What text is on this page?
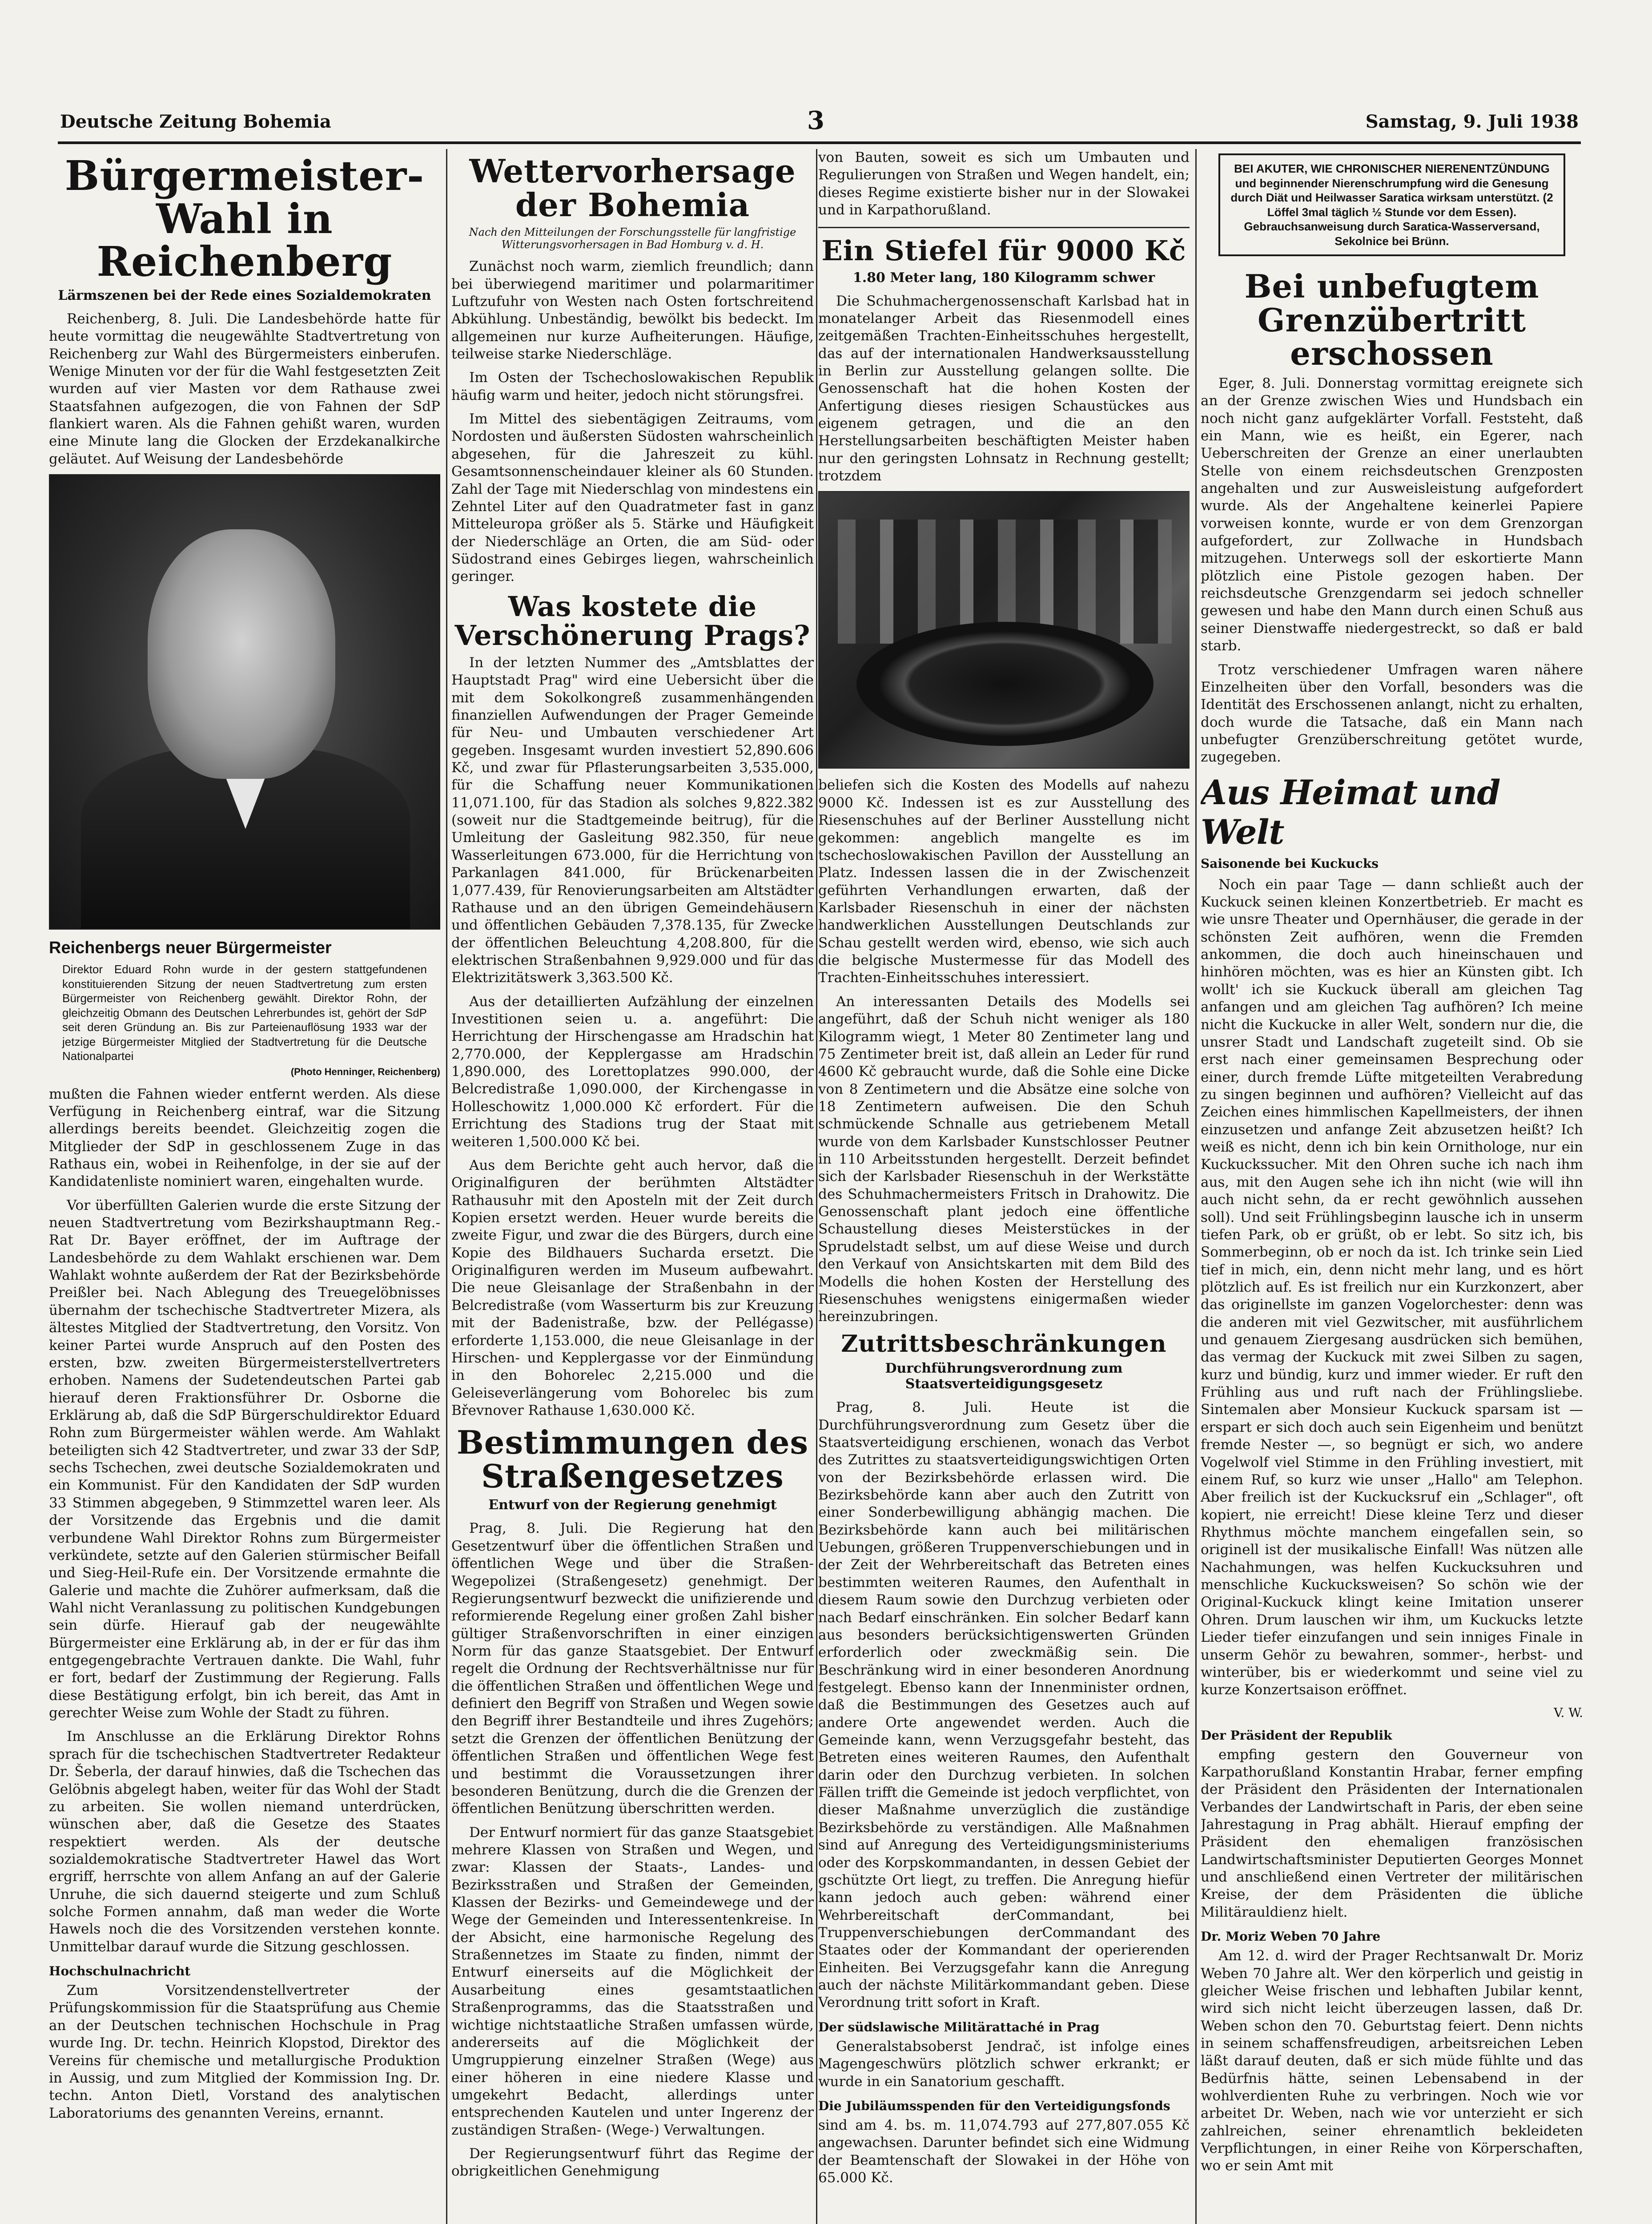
Deutsche Zeitung Bohemia	3	Samstag, 9. Juli 1938
Bürgermeister-Wahl in Reichenberg
Lärmszenen bei der Rede eines Sozialdemokraten

Reichenberg, 8. Juli. Die Landesbehörde hatte für heute vormittag die neugewählte Stadtvertretung von Reichenberg zur Wahl des Bürgermeisters einberufen. Wenige Minuten vor der für die Wahl festgesetzten Zeit wurden auf vier Masten vor dem Rathause zwei Staatsfahnen aufgezogen, die von Fahnen der SdP flankiert waren. Als die Fahnen gehißt waren, wurden eine Minute lang die Glocken der Erzdekanalkirche geläutet. Auf Weisung der Landesbehörde

Reichenbergs neuer Bürgermeister

Direktor Eduard Rohn wurde in der gestern stattgefundenen konstituierenden Sitzung der neuen Stadtvertretung zum ersten Bürgermeister von Reichenberg gewählt. Direktor Rohn, der gleichzeitig Obmann des Deutschen Lehrerbundes ist, gehört der SdP seit deren Gründung an. Bis zur Parteienauflösung 1933 war der jetzige Bürgermeister Mitglied der Stadtvertretung für die Deutsche Nationalpartei

(Photo Henninger, Reichenberg)

mußten die Fahnen wieder entfernt werden. Als diese Verfügung in Reichenberg eintraf, war die Sitzung allerdings bereits beendet. Gleichzeitig zogen die Mitglieder der SdP in geschlossenem Zuge in das Rathaus ein, wobei in Reihenfolge, in der sie auf der Kandidatenliste nominiert waren, eingehalten wurde.

Vor überfüllten Galerien wurde die erste Sitzung der neuen Stadtvertretung vom Bezirkshauptmann Reg.-Rat Dr. Bayer eröffnet, der im Auftrage der Landesbehörde zu dem Wahlakt erschienen war. Dem Wahlakt wohnte außerdem der Rat der Bezirksbehörde Preißler bei. Nach Ablegung des Treuegelöbnisses übernahm der tschechische Stadtvertreter Mizera, als ältestes Mitglied der Stadtvertretung, den Vorsitz. Von keiner Partei wurde Anspruch auf den Posten des ersten, bzw. zweiten Bürgermeisterstellvertreters erhoben. Namens der Sudetendeutschen Partei gab hierauf deren Fraktionsführer Dr. Osborne die Erklärung ab, daß die SdP Bürgerschuldirektor Eduard Rohn zum Bürgermeister wählen werde. Am Wahlakt beteiligten sich 42 Stadtvertreter, und zwar 33 der SdP, sechs Tschechen, zwei deutsche Sozialdemokraten und ein Kommunist. Für den Kandidaten der SdP wurden 33 Stimmen abgegeben, 9 Stimmzettel waren leer. Als der Vorsitzende das Ergebnis und die damit verbundene Wahl Direktor Rohns zum Bürgermeister verkündete, setzte auf den Galerien stürmischer Beifall und Sieg-Heil-Rufe ein. Der Vorsitzende ermahnte die Galerie und machte die Zuhörer aufmerksam, daß die Wahl nicht Veranlassung zu politischen Kundgebungen sein dürfe. Hierauf gab der neugewählte Bürgermeister eine Erklärung ab, in der er für das ihm entgegengebrachte Vertrauen dankte. Die Wahl, fuhr er fort, bedarf der Zustimmung der Regierung. Falls diese Bestätigung erfolgt, bin ich bereit, das Amt in gerechter Weise zum Wohle der Stadt zu führen.

Im Anschlusse an die Erklärung Direktor Rohns sprach für die tschechischen Stadtvertreter Redakteur Dr. Šeberla, der darauf hinwies, daß die Tschechen das Gelöbnis abgelegt haben, weiter für das Wohl der Stadt zu arbeiten. Sie wollen niemand unterdrücken, wünschen aber, daß die Gesetze des Staates respektiert werden. Als der deutsche sozialdemokratische Stadtvertreter Hawel das Wort ergriff, herrschte von allem Anfang an auf der Galerie Unruhe, die sich dauernd steigerte und zum Schluß solche Formen annahm, daß man weder die Worte Hawels noch die des Vorsitzenden verstehen konnte. Unmittelbar darauf wurde die Sitzung geschlossen.

Hochschulnachricht

Zum Vorsitzendenstellvertreter der Prüfungskommission für die Staatsprüfung aus Chemie an der Deutschen technischen Hochschule in Prag wurde Ing. Dr. techn. Heinrich Klopstod, Direktor des Vereins für chemische und metallurgische Produktion in Aussig, und zum Mitglied der Kommission Ing. Dr. techn. Anton Dietl, Vorstand des analytischen Laboratoriums des genannten Vereins, ernannt.

Wettervorhersage der Bohemia
Nach den Mitteilungen der Forschungsstelle für langfristige Witterungsvorhersagen in Bad Homburg v. d. H.

Zunächst noch warm, ziemlich freundlich; dann bei überwiegend maritimer und polarmaritimer Luftzufuhr von Westen nach Osten fortschreitend Abkühlung. Unbeständig, bewölkt bis bedeckt. Im allgemeinen nur kurze Aufheiterungen. Häufige, teilweise starke Niederschläge.

Im Osten der Tschechoslowakischen Republik häufig warm und heiter, jedoch nicht störungsfrei.

Im Mittel des siebentägigen Zeitraums, vom Nordosten und äußersten Südosten wahrscheinlich abgesehen, für die Jahreszeit zu kühl. Gesamtsonnenscheindauer kleiner als 60 Stunden. Zahl der Tage mit Niederschlag von mindestens ein Zehntel Liter auf den Quadratmeter fast in ganz Mitteleuropa größer als 5. Stärke und Häufigkeit der Niederschläge an Orten, die am Süd- oder Südostrand eines Gebirges liegen, wahrscheinlich geringer.

Was kostete die Verschönerung Prags?

In der letzten Nummer des „Amtsblattes der Hauptstadt Prag" wird eine Uebersicht über die mit dem Sokolkongreß zusammenhängenden finanziellen Aufwendungen der Prager Gemeinde für Neu- und Umbauten verschiedener Art gegeben. Insgesamt wurden investiert 52,890.606 Kč, und zwar für Pflasterungsarbeiten 3,535.000, für die Schaffung neuer Kommunikationen 11,071.100, für das Stadion als solches 9,822.382 (soweit nur die Stadtgemeinde beitrug), für die Umleitung der Gasleitung 982.350, für neue Wasserleitungen 673.000, für die Herrichtung von Parkanlagen 841.000, für Brückenarbeiten 1,077.439, für Renovierungsarbeiten am Altstädter Rathause und an den übrigen Gemeindehäusern und öffentlichen Gebäuden 7,378.135, für Zwecke der öffentlichen Beleuchtung 4,208.800, für die elektrischen Straßenbahnen 9,929.000 und für das Elektrizitätswerk 3,363.500 Kč.

Aus der detaillierten Aufzählung der einzelnen Investitionen seien u. a. angeführt: Die Herrichtung der Hirschengasse am Hradschin hat 2,770.000, der Kepplergasse am Hradschin 1,890.000, des Lorettoplatzes 990.000, der Belcredistraße 1,090.000, der Kirchengasse in Holleschowitz 1,000.000 Kč erfordert. Für die Errichtung des Stadions trug der Staat mit weiteren 1,500.000 Kč bei.

Aus dem Berichte geht auch hervor, daß die Originalfiguren der berühmten Altstädter Rathausuhr mit den Aposteln mit der Zeit durch Kopien ersetzt werden. Heuer wurde bereits die zweite Figur, und zwar die des Bürgers, durch eine Kopie des Bildhauers Suchardа ersetzt. Die Originalfiguren werden im Museum aufbewahrt. Die neue Gleisanlage der Straßenbahn in der Belcredistraße (vom Wasserturm bis zur Kreuzung mit der Badenistraße, bzw. der Pellégasse) erforderte 1,153.000, die neue Gleisanlage in der Hirschen- und Kepplergasse vor der Einmündung in den Bohorelec 2,215.000 und die Geleiseverlängerung vom Bohorelec bis zum Břevnover Rathause 1,630.000 Kč.

Bestimmungen des Straßengesetzes
Entwurf von der Regierung genehmigt

Prag, 8. Juli. Die Regierung hat den Gesetzentwurf über die öffentlichen Straßen und öffentlichen Wege und über die Straßen-Wegepolizei (Straßengesetz) genehmigt. Der Regierungsentwurf bezweckt die unifizierende und reformierende Regelung einer großen Zahl bisher gültiger Straßenvorschriften in einer einzigen Norm für das ganze Staatsgebiet. Der Entwurf regelt die Ordnung der Rechtsverhältnisse nur für die öffentlichen Straßen und öffentlichen Wege und definiert den Begriff von Straßen und Wegen sowie den Begriff ihrer Bestandteile und ihres Zugehörs; setzt die Grenzen der öffentlichen Benützung der öffentlichen Straßen und öffentlichen Wege fest und bestimmt die Voraussetzungen ihrer besonderen Benützung, durch die die Grenzen der öffentlichen Benützung überschritten werden.

Der Entwurf normiert für das ganze Staatsgebiet mehrere Klassen von Straßen und Wegen, und zwar: Klassen der Staats-, Landes- und Bezirksstraßen und Straßen der Gemeinden, Klassen der Bezirks- und Gemeindewege und der Wege der Gemeinden und Interessentenkreise. In der Absicht, eine harmonische Regelung des Straßennetzes im Staate zu finden, nimmt der Entwurf einerseits auf die Möglichkeit der Ausarbeitung eines gesamtstaatlichen Straßenprogramms, das die Staatsstraßen und wichtige nichtstaatliche Straßen umfassen würde, andererseits auf die Möglichkeit der Umgruppierung einzelner Straßen (Wege) aus einer höheren in eine niedere Klasse und umgekehrt Bedacht, allerdings unter entsprechenden Kautelen und unter Ingerenz der zuständigen Straßen- (Wege-) Verwaltungen.

Der Regierungsentwurf führt das Regime der obrigkeitlichen Genehmigung

von Bauten, soweit es sich um Umbauten und Regulierungen von Straßen und Wegen handelt, ein; dieses Regime existierte bisher nur in der Slowakei und in Karpathorußland.

Ein Stiefel für 9000 Kč
1.80 Meter lang, 180 Kilogramm schwer

Die Schuhmachergenossenschaft Karlsbad hat in monatelanger Arbeit das Riesenmodell eines zeitgemäßen Trachten-Einheitsschuhes hergestellt, das auf der internationalen Handwerksausstellung in Berlin zur Ausstellung gelangen sollte. Die Genossenschaft hat die hohen Kosten der Anfertigung dieses riesigen Schaustückes aus eigenem getragen, und die an den Herstellungsarbeiten beschäftigten Meister haben nur den geringsten Lohnsatz in Rechnung gestellt; trotzdem

beliefen sich die Kosten des Modells auf nahezu 9000 Kč. Indessen ist es zur Ausstellung des Riesenschuhes auf der Berliner Ausstellung nicht gekommen: angeblich mangelte es im tschechoslowakischen Pavillon der Ausstellung an Platz. Indessen lassen die in der Zwischenzeit geführten Verhandlungen erwarten, daß der Karlsbader Riesenschuh in einer der nächsten handwerklichen Ausstellungen Deutschlands zur Schau gestellt werden wird, ebenso, wie sich auch die belgische Mustermesse für das Modell des Trachten-Einheitsschuhes interessiert.

An interessanten Details des Modells sei angeführt, daß der Schuh nicht weniger als 180 Kilogramm wiegt, 1 Meter 80 Zentimeter lang und 75 Zentimeter breit ist, daß allein an Leder für rund 4600 Kč gebraucht wurde, daß die Sohle eine Dicke von 8 Zentimetern und die Absätze eine solche von 18 Zentimetern aufweisen. Die den Schuh schmückende Schnalle aus getriebenem Metall wurde von dem Karlsbader Kunstschlosser Peutner in 110 Arbeitsstunden hergestellt. Derzeit befindet sich der Karlsbader Riesenschuh in der Werkstätte des Schuhmachermeisters Fritsch in Drahowitz. Die Genossenschaft plant jedoch eine öffentliche Schaustellung dieses Meisterstückes in der Sprudelstadt selbst, um auf diese Weise und durch den Verkauf von Ansichtskarten mit dem Bild des Modells die hohen Kosten der Herstellung des Riesenschuhes wenigstens einigermaßen wieder hereinzubringen.

Zutrittsbeschränkungen
Durchführungsverordnung zum Staatsverteidigungsgesetz

Prag, 8. Juli. Heute ist die Durchführungsverordnung zum Gesetz über die Staatsverteidigung erschienen, wonach das Verbot des Zutrittes zu staatsverteidigungswichtigen Orten von der Bezirksbehörde erlassen wird. Die Bezirksbehörde kann aber auch den Zutritt von einer Sonderbewilligung abhängig machen. Die Bezirksbehörde kann auch bei militärischen Uebungen, größeren Truppenverschiebungen und in der Zeit der Wehrbereitschaft das Betreten eines bestimmten weiteren Raumes, den Aufenthalt in diesem Raum sowie den Durchzug verbieten oder nach Bedarf einschränken. Ein solcher Bedarf kann aus besonders berücksichtigenswerten Gründen erforderlich oder zweckmäßig sein. Die Beschränkung wird in einer besonderen Anordnung festgelegt. Ebenso kann der Innenminister ordnen, daß die Bestimmungen des Gesetzes auch auf andere Orte angewendet werden. Auch die Gemeinde kann, wenn Verzugsgefahr besteht, das Betreten eines weiteren Raumes, den Aufenthalt darin oder den Durchzug verbieten. In solchen Fällen trifft die Gemeinde ist jedoch verpflichtet, von dieser Maßnahme unverzüglich die zuständige Bezirksbehörde zu verständigen. Alle Maßnahmen sind auf Anregung des Verteidigungsministeriums oder des Korpskommandanten, in dessen Gebiet der gschützte Ort liegt, zu treffen. Die Anregung hiefür kann jedoch auch geben: während einer Wehrbereitschaft derCommandant, bei Truppenverschiebungen derCommandant des Staates oder der Kommandant der operierenden Einheiten. Bei Verzugsgefahr kann die Anregung auch der nächste Militärkommandant geben. Diese Verordnung tritt sofort in Kraft.

Der südslawische Militärattaché in Prag

Generalstabsoberst Jendrač, ist infolge eines Magengeschwürs plötzlich schwer erkrankt; er wurde in ein Sanatorium geschafft.

Die Jubiläumsspenden für den Verteidigungsfonds

sind am 4. bs. m. 11,074.793 auf 277,807.055 Kč angewachsen. Darunter befindet sich eine Widmung der Beamtenschaft der Slowakei in der Höhe von 65.000 Kč.

BEI AKUTER, WIE CHRONISCHER NIERENENTZÜNDUNG und beginnender Nierenschrumpfung wird die Genesung durch Diät und Heilwasser Saratica wirksam unterstützt. (2 Löffel 3mal täglich ½ Stunde vor dem Essen). Gebrauchsanweisung durch Saratica-Wasserversand, Sekolnice bei Brünn.
Bei unbefugtem Grenzübertritt erschossen

Eger, 8. Juli. Donnerstag vormittag ereignete sich an der Grenze zwischen Wies und Hundsbach ein noch nicht ganz aufgeklärter Vorfall. Feststeht, daß ein Mann, wie es heißt, ein Egerer, nach Ueberschreiten der Grenze an einer unerlaubten Stelle von einem reichsdeutschen Grenzposten angehalten und zur Ausweisleistung aufgefordert wurde. Als der Angehaltene keinerlei Papiere vorweisen konnte, wurde er von dem Grenzorgan aufgefordert, zur Zollwache in Hundsbach mitzugehen. Unterwegs soll der eskortierte Mann plötzlich eine Pistole gezogen haben. Der reichsdeutsche Grenzgendarm sei jedoch schneller gewesen und habe den Mann durch einen Schuß aus seiner Dienstwaffe niedergestreckt, so daß er bald starb.

Trotz verschiedener Umfragen waren nähere Einzelheiten über den Vorfall, besonders was die Identität des Erschossenen anlangt, nicht zu erhalten, doch wurde die Tatsache, daß ein Mann nach unbefugter Grenzüberschreitung getötet wurde, zugegeben.

Aus Heimat und Welt
Saisonende bei Kuckucks

Noch ein paar Tage — dann schließt auch der Kuckuck seinen kleinen Konzertbetrieb. Er macht es wie unsre Theater und Opernhäuser, die gerade in der schönsten Zeit aufhören, wenn die Fremden ankommen, die doch auch hineinschauen und hinhören möchten, was es hier an Künsten gibt. Ich wollt' ich sie Kuckuck überall am gleichen Tag anfangen und am gleichen Tag aufhören? Ich meine nicht die Kuckucke in aller Welt, sondern nur die, die unsrer Stadt und Landschaft zugeteilt sind. Ob sie erst nach einer gemeinsamen Besprechung oder einer, durch fremde Lüfte mitgeteilten Verabredung zu singen beginnen und aufhören? Vielleicht auf das Zeichen eines himmlischen Kapellmeisters, der ihnen einzusetzen und anfange Zeit abzusetzen heißt? Ich weiß es nicht, denn ich bin kein Ornithologe, nur ein Kuckuckssucher. Mit den Ohren suche ich nach ihm aus, mit den Augen sehe ich ihn nicht (wie will ihn auch nicht sehn, da er recht gewöhnlich aussehen soll). Und seit Frühlingsbeginn lausche ich in unserm tiefen Park, ob er grüßt, ob er lebt. So sitz ich, bis Sommerbeginn, ob er noch da ist. Ich trinke sein Lied tief in mich, ein, denn nicht mehr lang, und es hört plötzlich auf. Es ist freilich nur ein Kurzkonzert, aber das originellste im ganzen Vogelorchester: denn was die anderen mit viel Gezwitscher, mit ausführlichem und genauem Ziergesang ausdrücken sich bemühen, das vermag der Kuckuck mit zwei Silben zu sagen, kurz und bündig, kurz und immer wieder. Er ruft den Frühling aus und ruft nach der Frühlingsliebe. Sintemalen aber Monsieur Kuckuck sparsam ist — erspart er sich doch auch sein Eigenheim und benützt fremde Nester —, so begnügt er sich, wo andere Vogelwolf viel Stimme in den Frühling investiert, mit einem Ruf, so kurz wie unser „Hallo" am Telephon. Aber freilich ist der Kuckucksruf ein „Schlager", oft kopiert, nie erreicht! Diese kleine Terz und dieser Rhythmus möchte manchem eingefallen sein, so originell ist der musikalische Einfall! Was nützen alle Nachahmungen, was helfen Kuckucksuhren und menschliche Kuckucksweisen? So schön wie der Original-Kuckuck klingt keine Imitation unserer Ohren. Drum lauschen wir ihm, um Kuckucks letzte Lieder tiefer einzufangen und sein inniges Finale in unserm Gehör zu bewahren, sommer-, herbst- und winterüber, bis er wiederkommt und seine viel zu kurze Konzertsaison eröffnet.

V. W.
Der Präsident der Republik

empfing gestern den Gouverneur von Karpathorußland Konstantin Hrabar, ferner empfing der Präsident den Präsidenten der Internationalen Verbandes der Landwirtschaft in Paris, der eben seine Jahrestagung in Prag abhält. Hierauf empfing der Präsident den ehemaligen französischen Landwirtschaftsminister Deputierten Georges Monnet und anschließend einen Vertreter der militärischen Kreise, der dem Präsidenten die übliche Militärauldienz hielt.

Dr. Moriz Weben 70 Jahre

Am 12. d. wird der Prager Rechtsanwalt Dr. Moriz Weben 70 Jahre alt. Wer den körperlich und geistig in gleicher Weise frischen und lebhaften Jubilar kennt, wird sich nicht leicht überzeugen lassen, daß Dr. Weben schon den 70. Geburtstag feiert. Denn nichts in seinem schaffensfreudigen, arbeitsreichen Leben läßt darauf deuten, daß er sich müde fühlte und das Bedürfnis hätte, seinen Lebensabend in der wohlverdienten Ruhe zu verbringen. Noch wie vor arbeitet Dr. Weben, nach wie vor unterzieht er sich zahlreichen, seiner ehrenamtlich bekleideten Verpflichtungen, in einer Reihe von Körperschaften, wo er sein Amt mit
